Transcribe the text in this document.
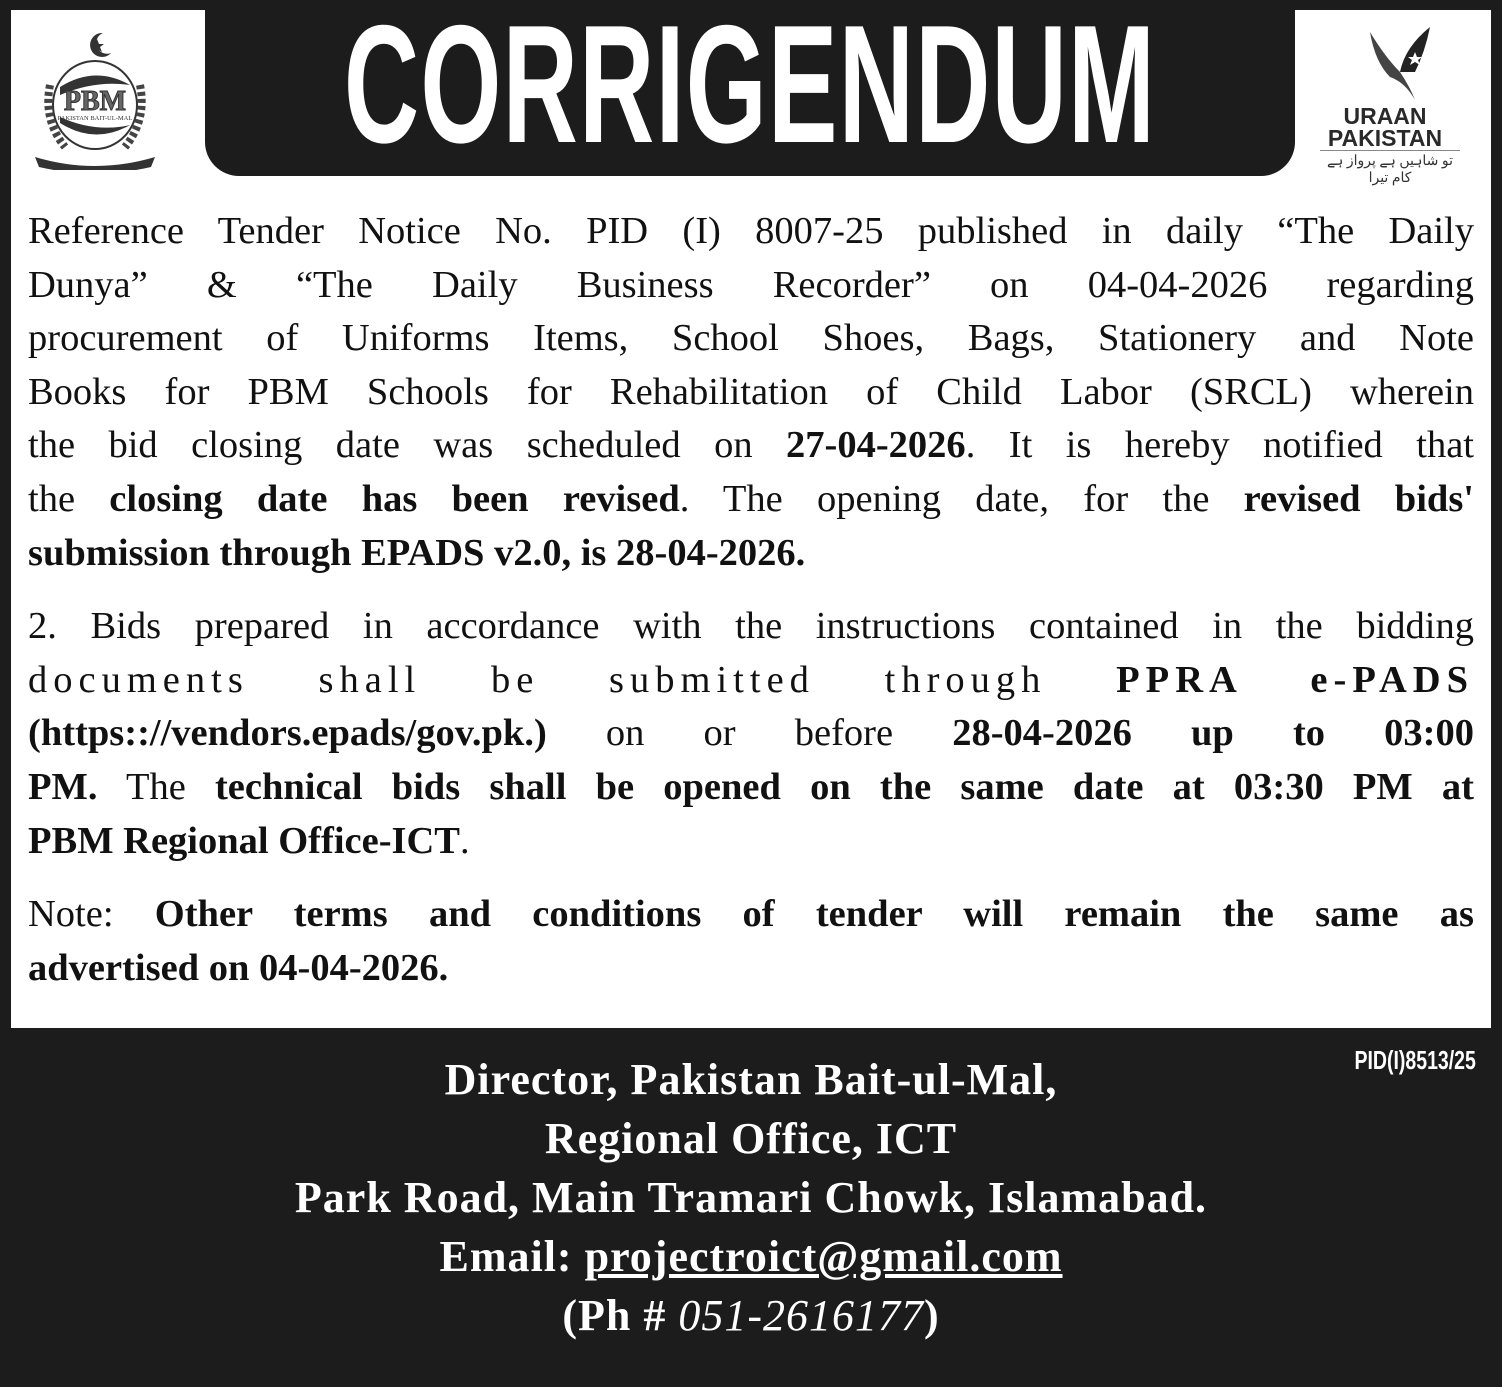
PBM
PAKISTAN BAIT-UL-MAL CORRIGENDUM	URAAN
PAKISTAN
تو شاہیں ہے پرواز ہے کام تیرا
Reference Tender Notice No. PID (I) 8007-25 published in daily “The Daily
Dunya” & “The Daily Business Recorder” on 04-04-2026 regarding
procurement of Uniforms Items, School Shoes, Bags, Stationery and Note
Books for PBM Schools for Rehabilitation of Child Labor (SRCL) wherein
the bid closing date was scheduled on 27-04-2026. It is hereby notified that
the closing date has been revised. The opening date, for the revised bids'
submission through EPADS v2.0, is 28-04-2026.
2. Bids prepared in accordance with the instructions contained in the bidding
documents shall be submitted through PPRA e-PADS
(https:://vendors.epads/gov.pk.) on or before 28-04-2026 up to 03:00
PM. The technical bids shall be opened on the same date at 03:30 PM at
PBM Regional Office-ICT.
Note: Other terms and conditions of tender will remain the same as
advertised on 04-04-2026.
PID(I)8513/25
Director, Pakistan Bait-ul-Mal,
Regional Office, ICT
Park Road, Main Tramari Chowk, Islamabad.
Email: projectroict@gmail.com
(Ph # 051-2616177)
